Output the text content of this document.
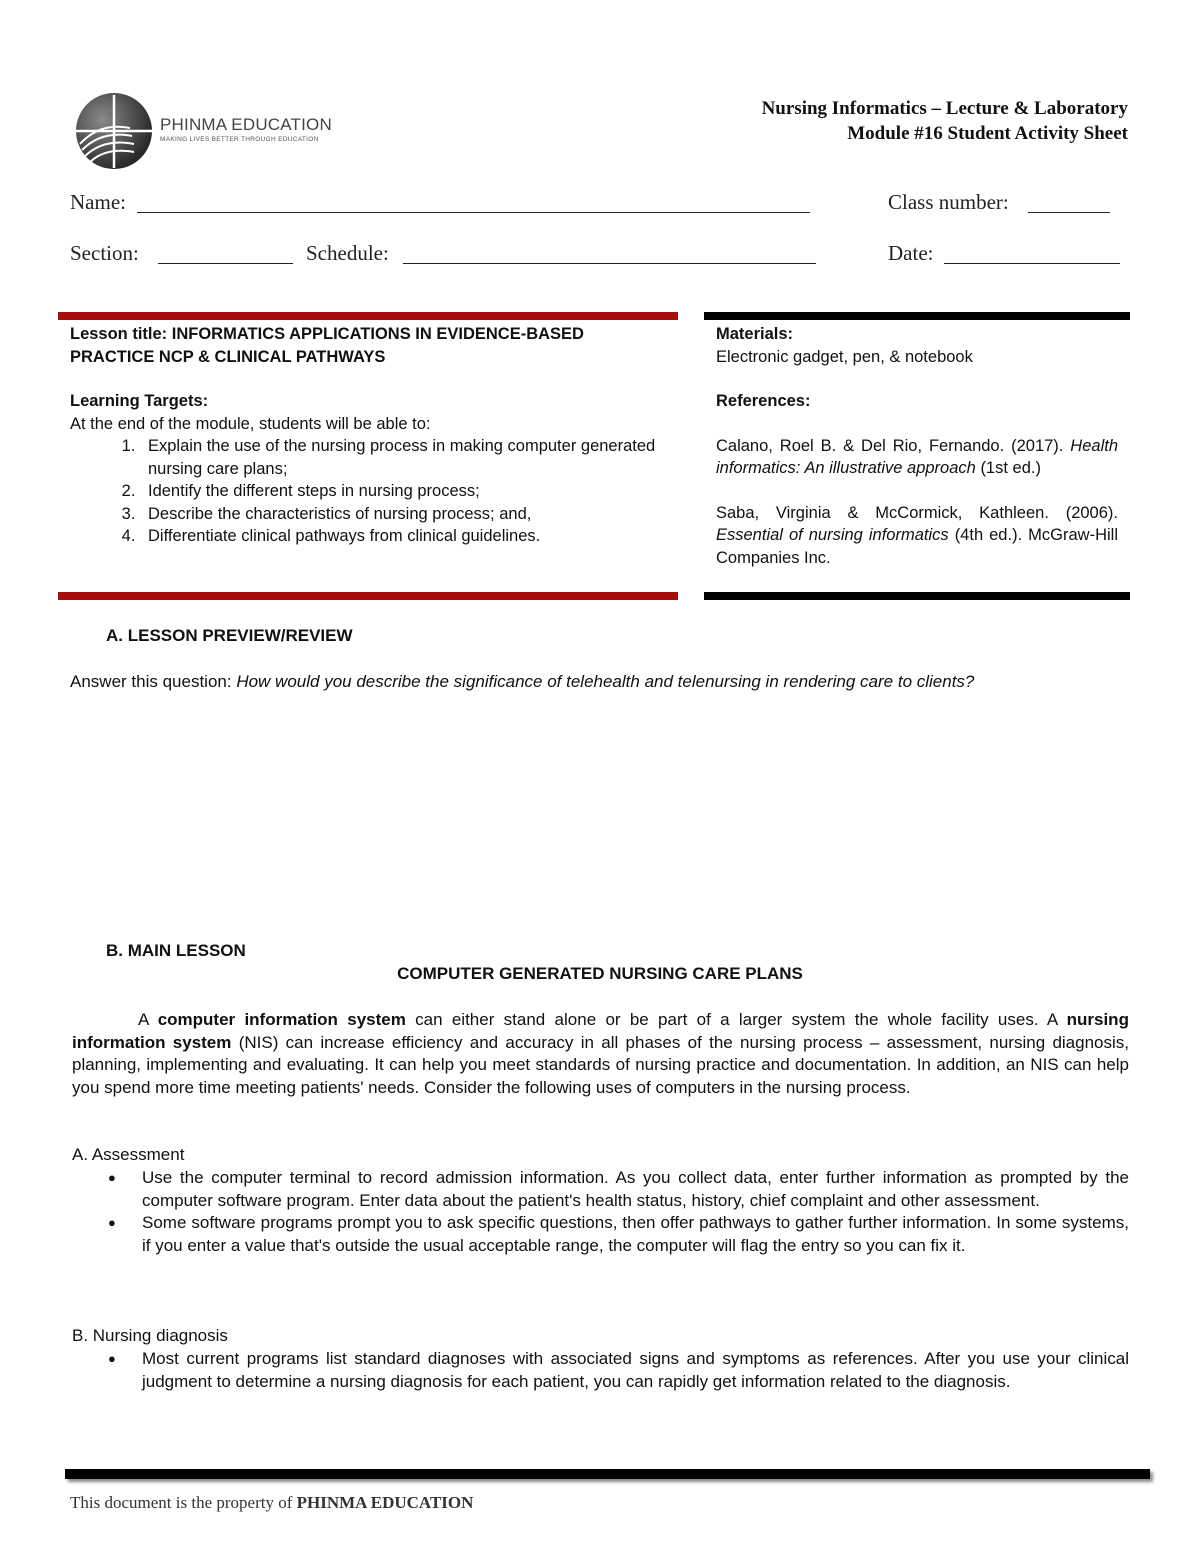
PHINMA EDUCATION
MAKING LIVES BETTER THROUGH EDUCATION
Nursing Informatics – Lecture & Laboratory
Module #16 Student Activity Sheet
Name:	Class number:
Section:	Schedule:	Date:
Lesson title: INFORMATICS APPLICATIONS IN EVIDENCE-BASED PRACTICE NCP & CLINICAL PATHWAYS
Learning Targets:
At the end of the module, students will be able to:
1. Explain the use of the nursing process in making computer generated nursing care plans;
2. Identify the different steps in nursing process;
3. Describe the characteristics of nursing process; and,
4. Differentiate clinical pathways from clinical guidelines.
Materials:
Electronic gadget, pen, & notebook
References:
Calano, Roel B. & Del Rio, Fernando. (2017). Health informatics: An illustrative approach (1st ed.)
Saba, Virginia & McCormick, Kathleen. (2006). Essential of nursing informatics (4th ed.). McGraw-Hill Companies Inc.
A. LESSON PREVIEW/REVIEW
Answer this question: How would you describe the significance of telehealth and telenursing in rendering care to clients?
B. MAIN LESSON
COMPUTER GENERATED NURSING CARE PLANS
A computer information system can either stand alone or be part of a larger system the whole facility uses. A nursing information system (NIS) can increase efficiency and accuracy in all phases of the nursing process – assessment, nursing diagnosis, planning, implementing and evaluating. It can help you meet standards of nursing practice and documentation. In addition, an NIS can help you spend more time meeting patients' needs. Consider the following uses of computers in the nursing process.
A. Assessment
● Use the computer terminal to record admission information. As you collect data, enter further information as prompted by the computer software program. Enter data about the patient's health status, history, chief complaint and other assessment.
● Some software programs prompt you to ask specific questions, then offer pathways to gather further information. In some systems, if you enter a value that's outside the usual acceptable range, the computer will flag the entry so you can fix it.
B. Nursing diagnosis
● Most current programs list standard diagnoses with associated signs and symptoms as references. After you use your clinical judgment to determine a nursing diagnosis for each patient, you can rapidly get information related to the diagnosis.
This document is the property of PHINMA EDUCATION
